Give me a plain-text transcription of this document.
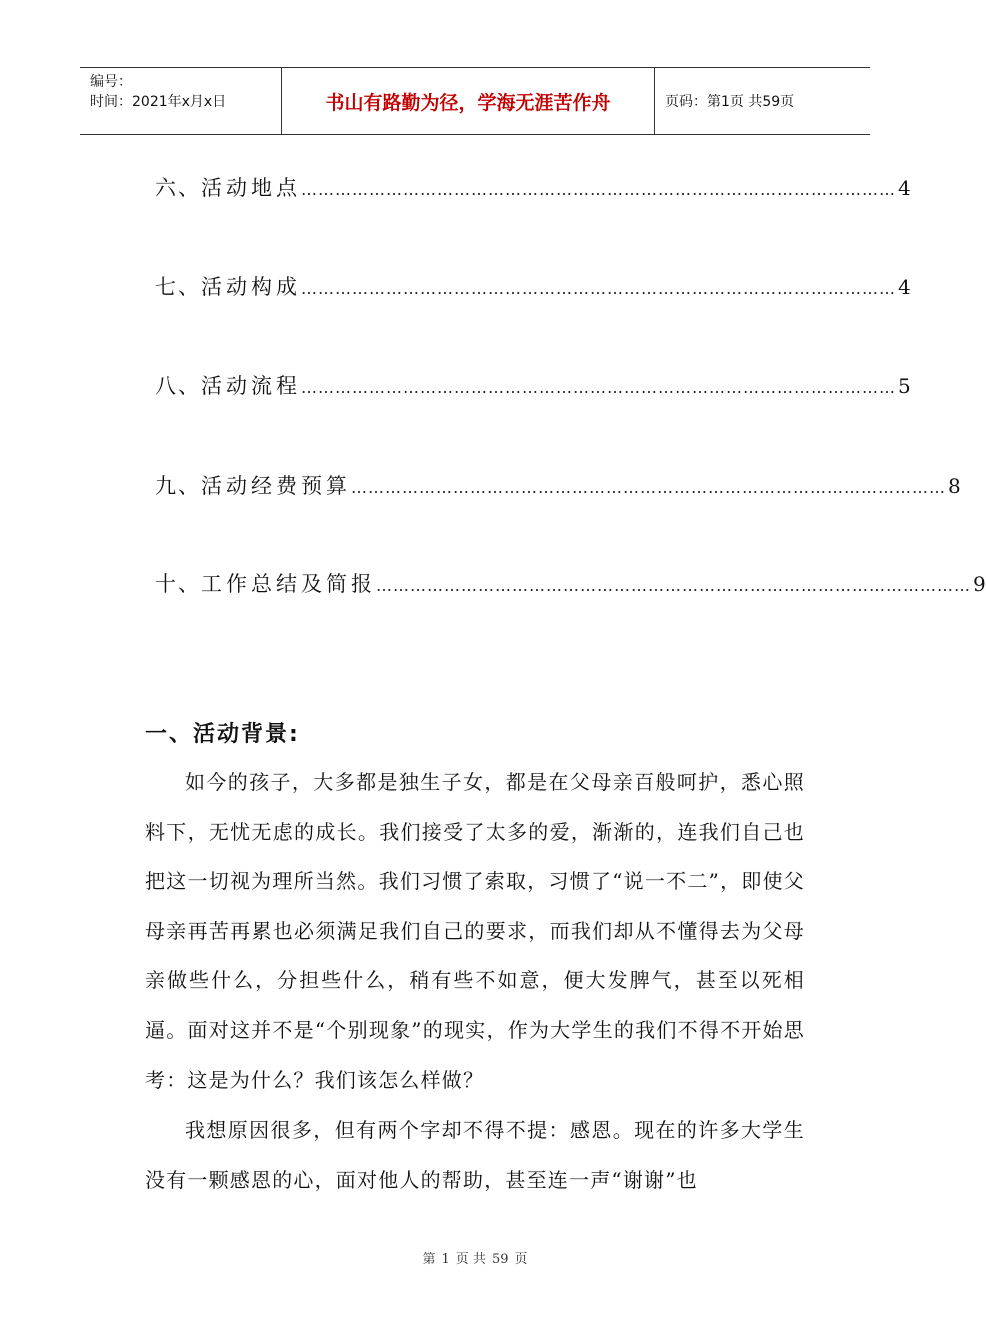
编号：
时间：2021年x月x日	书山有路勤为径，学海无涯苦作舟	页码：第1页 共59页
六、 活动地点 …………………………………………………………………………………………… 4
七、 活动构成 …………………………………………………………………………………………… 4
八、 活动流程 …………………………………………………………………………………………… 5
九、 活动经费预算 …………………………………………………………………………………………… 8
十、 工作总结及简报 …………………………………………………………………………………………… 9
一、活动背景:

如今的孩子，大多都是独生子女，都是在父母亲百般呵护，悉心照料下，无忧无虑的成长。我们接受了太多的爱，渐渐的，连我们自己也把这一切视为理所当然。我们习惯了索取，习惯了“说一不二”，即使父母亲再苦再累也必须满足我们自己的要求，而我们却从不懂得去为父母亲做些什么，分担些什么，稍有些不如意，便大发脾气，甚至以死相逼。面对这并不是“个别现象”的现实，作为大学生的我们不得不开始思考：这是为什么？我们该怎么样做？

我想原因很多，但有两个字却不得不提：感恩。现在的许多大学生没有一颗感恩的心，面对他人的帮助，甚至连一声“谢谢”也

第 1 页 共 59 页
